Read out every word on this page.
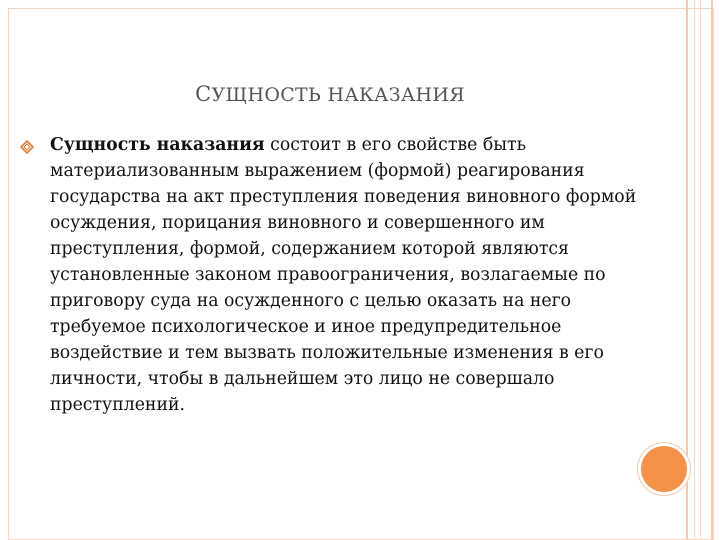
СУЩНОСТЬ НАКАЗАНИЯ
Сущность наказания состоит в его свойстве быть материализованным выражением (формой) реагирования государства на акт преступления поведения виновного формой осуждения, порицания виновного и совершенного им преступления, формой, содержанием которой являются установленные законом правоограничения, возлагаемые по приговору суда на осужденного с целью оказать на него требуемое психологическое и иное предупредительное воздействие и тем вызвать положительные изменения в его личности, чтобы в дальнейшем это лицо не совершало преступлений.
